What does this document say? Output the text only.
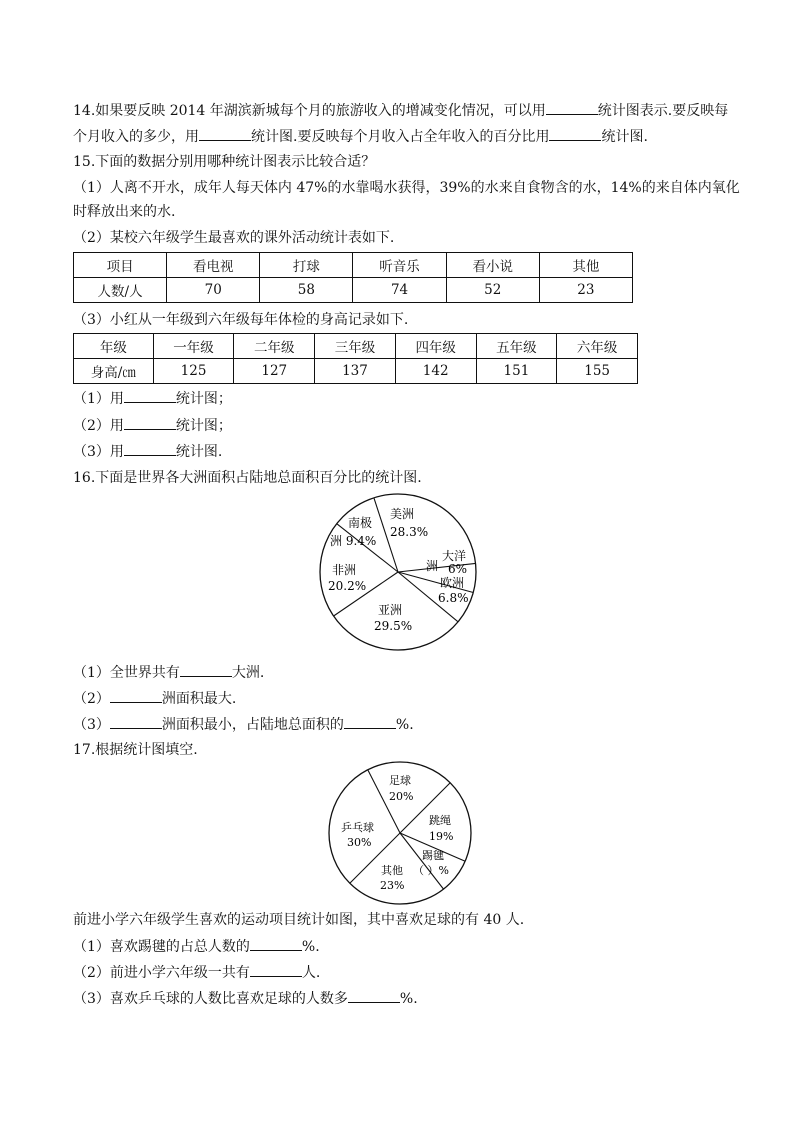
14.如果要反映 2014 年湖滨新城每个月的旅游收入的增减变化情况，可以用	统计图表示.要反映每
个月收入的多少，用	统计图.要反映每个月收入占全年收入的百分比用	统计图.
15.下面的数据分别用哪种统计图表示比较合适？
（1）人离不开水，成年人每天体内 47%的水靠喝水获得，39%的水来自食物含的水，14%的来自体内氧化
时释放出来的水.
（2）某校六年级学生最喜欢的课外活动统计表如下.
项目	看电视	打球	听音乐	看小说	其他
人数/人	70	58	74	52	23
（3）小红从一年级到六年级每年体检的身高记录如下.
年级	一年级	二年级	三年级	四年级	五年级	六年级
身高/㎝	125	127	137	142	151	155
（1）用	统计图；
（2）用	统计图；
（3）用	统计图.
16.下面是世界各大洲面积占陆地总面积百分比的统计图.
南极
洲 9.4%
美洲
28.3%
大洋
洲 6%
欧洲
6.8%
亚洲
29.5%
非洲
20.2%
（1）全世界共有	大洲.
（2）	洲面积最大.
（3）	洲面积最小，占陆地总面积的	%.
17.根据统计图填空.
足球
20%
跳绳
19%
踢毽
（ ）%
其他
23%
乒乓球
30%
前进小学六年级学生喜欢的运动项目统计如图，其中喜欢足球的有 40 人.
（1）喜欢踢毽的占总人数的	%.
（2）前进小学六年级一共有	人.
（3）喜欢乒乓球的人数比喜欢足球的人数多	%.
